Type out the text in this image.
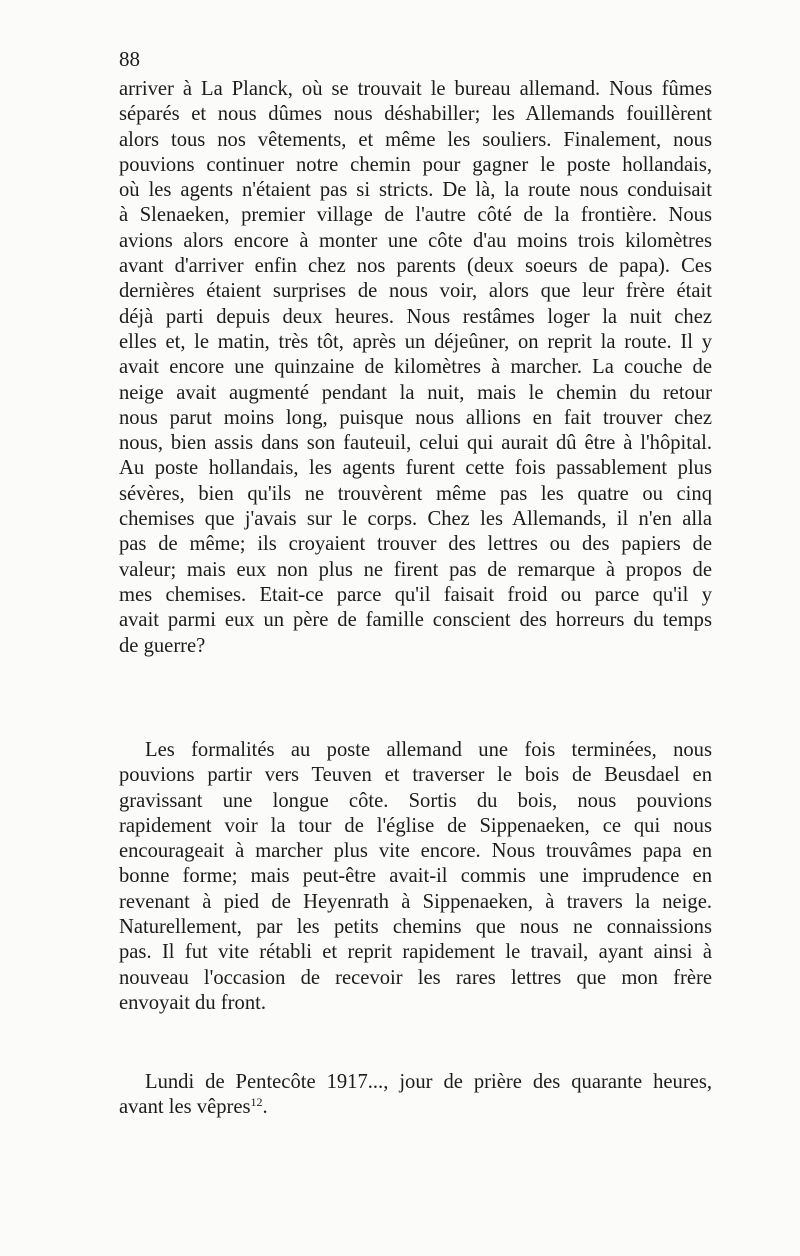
88
arriver à La Planck, où se trouvait le bureau allemand. Nous fûmes
séparés et nous dûmes nous déshabiller; les Allemands fouillèrent
alors tous nos vêtements, et même les souliers. Finalement, nous
pouvions continuer notre chemin pour gagner le poste hollandais,
où les agents n'étaient pas si stricts. De là, la route nous conduisait
à Slenaeken, premier village de l'autre côté de la frontière. Nous
avions alors encore à monter une côte d'au moins trois kilomètres
avant d'arriver enfin chez nos parents (deux soeurs de papa). Ces
dernières étaient surprises de nous voir, alors que leur frère était
déjà parti depuis deux heures. Nous restâmes loger la nuit chez
elles et, le matin, très tôt, après un déjeûner, on reprit la route. Il y
avait encore une quinzaine de kilomètres à marcher. La couche de
neige avait augmenté pendant la nuit, mais le chemin du retour
nous parut moins long, puisque nous allions en fait trouver chez
nous, bien assis dans son fauteuil, celui qui aurait dû être à l'hôpital.
Au poste hollandais, les agents furent cette fois passablement plus
sévères, bien qu'ils ne trouvèrent même pas les quatre ou cinq
chemises que j'avais sur le corps. Chez les Allemands, il n'en alla
pas de même; ils croyaient trouver des lettres ou des papiers de
valeur; mais eux non plus ne firent pas de remarque à propos de
mes chemises. Etait-ce parce qu'il faisait froid ou parce qu'il y
avait parmi eux un père de famille conscient des horreurs du temps
de guerre?
Les formalités au poste allemand une fois terminées, nous
pouvions partir vers Teuven et traverser le bois de Beusdael en
gravissant une longue côte. Sortis du bois, nous pouvions
rapidement voir la tour de l'église de Sippenaeken, ce qui nous
encourageait à marcher plus vite encore. Nous trouvâmes papa en
bonne forme; mais peut-être avait-il commis une imprudence en
revenant à pied de Heyenrath à Sippenaeken, à travers la neige.
Naturellement, par les petits chemins que nous ne connaissions
pas. Il fut vite rétabli et reprit rapidement le travail, ayant ainsi à
nouveau l'occasion de recevoir les rares lettres que mon frère
envoyait du front.
Lundi de Pentecôte 1917..., jour de prière des quarante heures,
avant les vêpres$^{12}$.
